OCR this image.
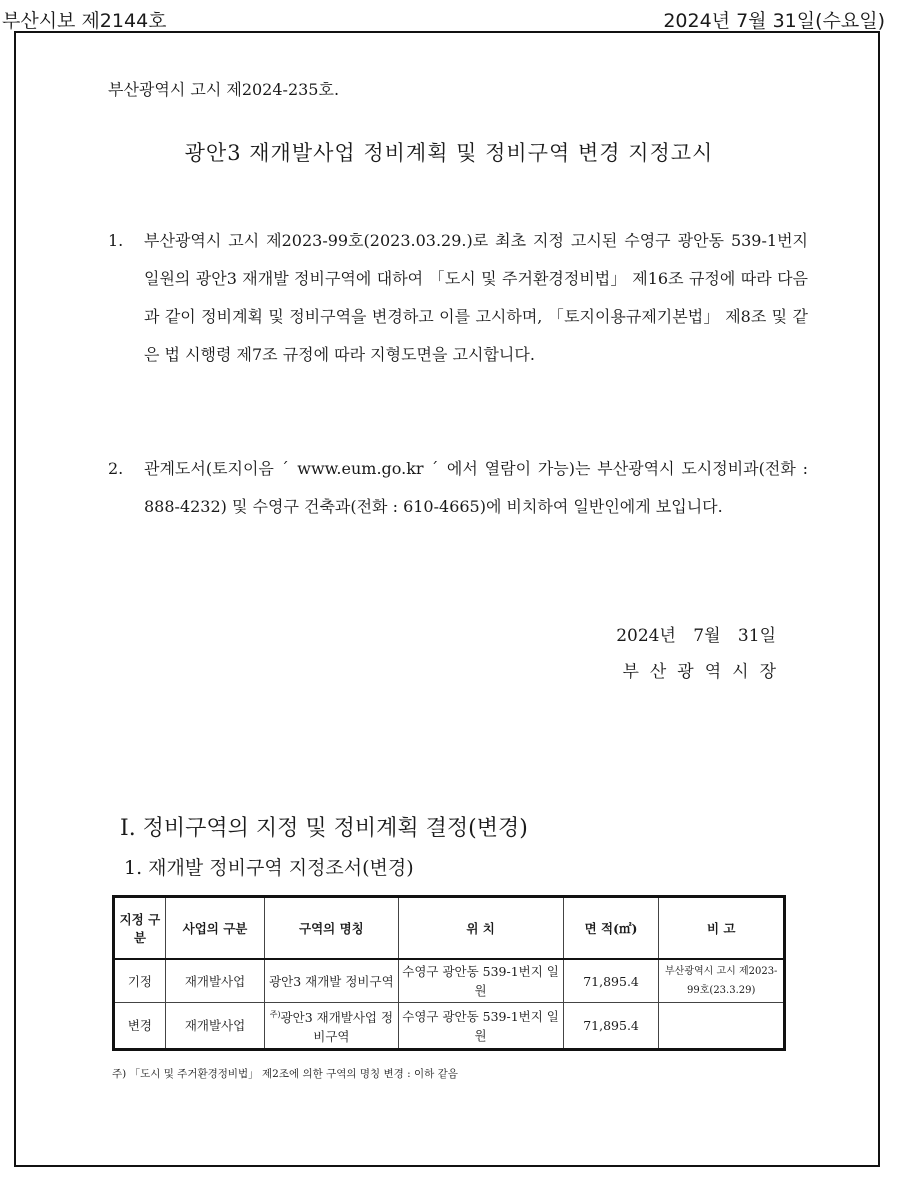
부산시보 제2144호	2024년 7월 31일(수요일)
부산광역시 고시 제2024-235호.
광안3 재개발사업 정비계획 및 정비구역 변경 지정고시
1. 부산광역시 고시 제2023-99호(2023.03.29.)로 최초 지정 고시된 수영구 광안동 539-1번지 일원의 광안3 재개발 정비구역에 대하여 「도시 및 주거환경정비법」 제16조 규정에 따라 다음과 같이 정비계획 및 정비구역을 변경하고 이를 고시하며, 「토지이용규제기본법」 제8조 및 같은 법 시행령 제7조 규정에 따라 지형도면을 고시합니다.
2. 관계도서(토지이음 ˊ www.eum.go.kr ˊ 에서 열람이 가능)는 부산광역시 도시정비과(전화 : 888-4232) 및 수영구 건축과(전화 : 610-4665)에 비치하여 일반인에게 보입니다.
2024년 7월 31일
부산광역시장
Ⅰ. 정비구역의 지정 및 정비계획 결정(변경)
1. 재개발 정비구역 지정조서(변경)
지정 구분	사업의 구분	구역의 명칭	위 치	면 적(㎡)	비 고
기정	재개발사업	광안3 재개발 정비구역	수영구 광안동 539-1번지 일원	71,895.4	부산광역시 고시 제2023-99호(23.3.29)
변경	재개발사업	$^{주)}$광안3 재개발사업 정비구역	수영구 광안동 539-1번지 일원	71,895.4	
주) 「도시 및 주거환경정비법」 제2조에 의한 구역의 명칭 변경 : 이하 같음
